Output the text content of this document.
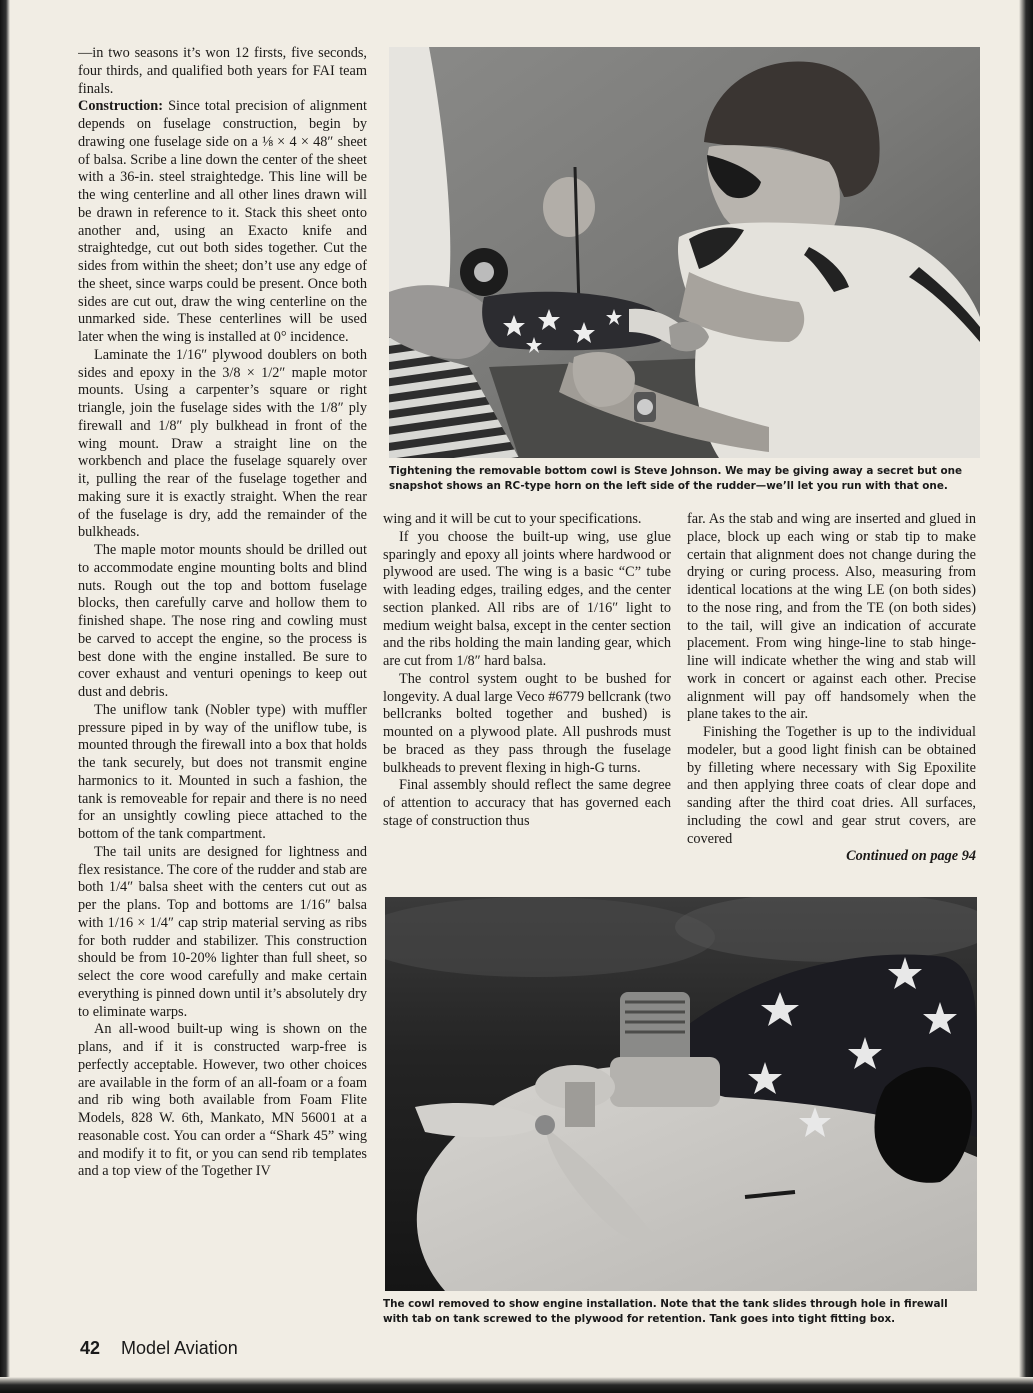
—in two seasons it’s won 12 firsts, five seconds, four thirds, and qualified both years for FAI team finals.

Construction: Since total precision of alignment depends on fuselage construction, begin by drawing one fuselage side on a ⅛ × 4 × 48″ sheet of balsa. Scribe a line down the center of the sheet with a 36-in. steel straightedge. This line will be the wing centerline and all other lines drawn will be drawn in reference to it. Stack this sheet onto another and, using an Exacto knife and straightedge, cut out both sides together. Cut the sides from within the sheet; don’t use any edge of the sheet, since warps could be present. Once both sides are cut out, draw the wing centerline on the unmarked side. These centerlines will be used later when the wing is installed at 0° incidence.

Laminate the 1/16″ plywood doublers on both sides and epoxy in the 3/8 × 1/2″ maple motor mounts. Using a carpenter’s square or right triangle, join the fuselage sides with the 1/8″ ply firewall and 1/8″ ply bulkhead in front of the wing mount. Draw a straight line on the workbench and place the fuselage squarely over it, pulling the rear of the fuselage together and making sure it is exactly straight. When the rear of the fuselage is dry, add the remainder of the bulkheads.

The maple motor mounts should be drilled out to accommodate engine mounting bolts and blind nuts. Rough out the top and bottom fuselage blocks, then carefully carve and hollow them to finished shape. The nose ring and cowling must be carved to accept the engine, so the process is best done with the engine installed. Be sure to cover exhaust and venturi openings to keep out dust and debris.

The uniflow tank (Nobler type) with muffler pressure piped in by way of the uniflow tube, is mounted through the firewall into a box that holds the tank securely, but does not transmit engine harmonics to it. Mounted in such a fashion, the tank is removeable for repair and there is no need for an unsightly cowling piece attached to the bottom of the tank compartment.

The tail units are designed for lightness and flex resistance. The core of the rudder and stab are both 1/4″ balsa sheet with the centers cut out as per the plans. Top and bottoms are 1/16″ balsa with 1/16 × 1/4″ cap strip material serving as ribs for both rudder and stabilizer. This construction should be from 10-20% lighter than full sheet, so select the core wood carefully and make certain everything is pinned down until it’s absolutely dry to eliminate warps.

An all-wood built-up wing is shown on the plans, and if it is constructed warp-free is perfectly acceptable. However, two other choices are available in the form of an all-foam or a foam and rib wing both available from Foam Flite Models, 828 W. 6th, Mankato, MN 56001 at a reasonable cost. You can order a “Shark 45” wing and modify it to fit, or you can send rib templates and a top view of the Together IV

Tightening the removable bottom cowl is Steve Johnson. We may be giving away a secret but one
snapshot shows an RC-type horn on the left side of the rudder—we’ll let you run with that one.

wing and it will be cut to your specifications.

If you choose the built-up wing, use glue sparingly and epoxy all joints where hardwood or plywood are used. The wing is a basic “C” tube with leading edges, trailing edges, and the center section planked. All ribs are of 1/16″ light to medium weight balsa, except in the center section and the ribs holding the main landing gear, which are cut from 1/8″ hard balsa.

The control system ought to be bushed for longevity. A dual large Veco #6779 bellcrank (two bellcranks bolted together and bushed) is mounted on a plywood plate. All pushrods must be braced as they pass through the fuselage bulkheads to prevent flexing in high-G turns.

Final assembly should reflect the same degree of attention to accuracy that has governed each stage of construction thus

far. As the stab and wing are inserted and glued in place, block up each wing or stab tip to make certain that alignment does not change during the drying or curing process. Also, measuring from identical locations at the wing LE (on both sides) to the nose ring, and from the TE (on both sides) to the tail, will give an indication of accurate placement. From wing hinge-line to stab hinge-line will indicate whether the wing and stab will work in concert or against each other. Precise alignment will pay off handsomely when the plane takes to the air.

Finishing the Together is up to the individual modeler, but a good light finish can be obtained by filleting where necessary with Sig Epoxilite and then applying three coats of clear dope and sanding after the third coat dries. All surfaces, including the cowl and gear strut covers, are covered

Continued on page 94

The cowl removed to show engine installation. Note that the tank slides through hole in firewall
with tab on tank screwed to the plywood for retention. Tank goes into tight fitting box.
42 Model Aviation
